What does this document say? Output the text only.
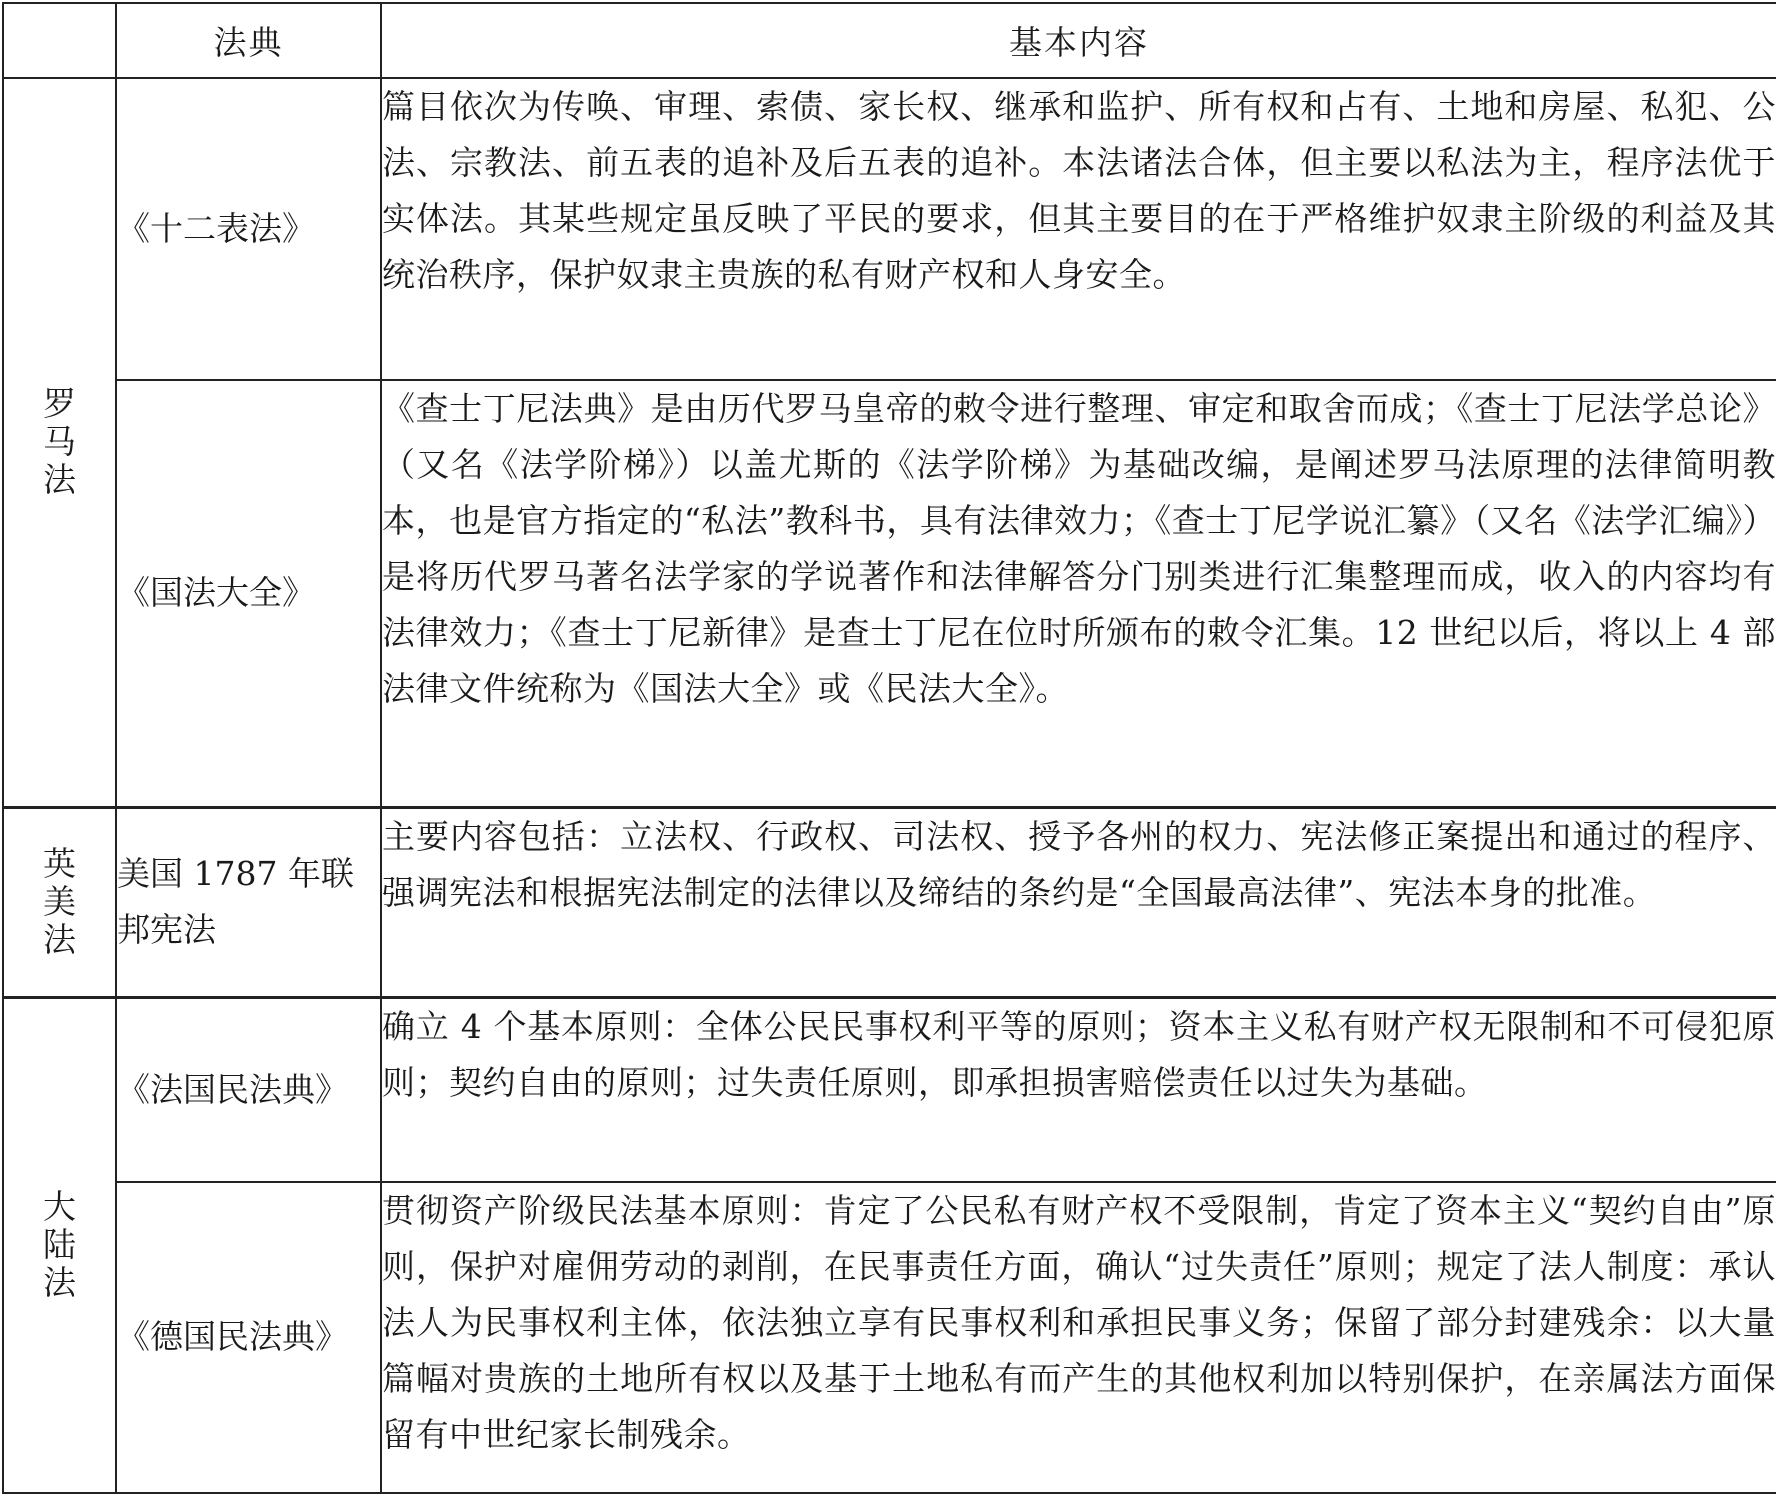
	法典	基本内容
罗马法	《十二表法》	篇目依次为传唤、审理、索债、家长权、继承和监护、所有权和占有、土地和房屋、私犯、公法、宗教法、前五表的追补及后五表的追补。本法诸法合体，但主要以私法为主，程序法优于实体法。其某些规定虽反映了平民的要求，但其主要目的在于严格维护奴隶主阶级的利益及其统治秩序，保护奴隶主贵族的私有财产权和人身安全。
	《国法大全》	《查士丁尼法典》是由历代罗马皇帝的敕令进行整理、审定和取舍而成；《查士丁尼法学总论》（又名《法学阶梯》）以盖尤斯的《法学阶梯》为基础改编，是阐述罗马法原理的法律简明教本，也是官方指定的“私法”教科书，具有法律效力；《查士丁尼学说汇纂》（又名《法学汇编》）是将历代罗马著名法学家的学说著作和法律解答分门别类进行汇集整理而成，收入的内容均有法律效力；《查士丁尼新律》是查士丁尼在位时所颁布的敕令汇集。12 世纪以后，将以上 4 部法律文件统称为《国法大全》或《民法大全》。
英美法	美国 1787 年联邦宪法	主要内容包括：立法权、行政权、司法权、授予各州的权力、宪法修正案提出和通过的程序、强调宪法和根据宪法制定的法律以及缔结的条约是“全国最高法律”、宪法本身的批准。
大陆法	《法国民法典》	确立 4 个基本原则：全体公民民事权利平等的原则；资本主义私有财产权无限制和不可侵犯原则；契约自由的原则；过失责任原则，即承担损害赔偿责任以过失为基础。
	《德国民法典》	贯彻资产阶级民法基本原则：肯定了公民私有财产权不受限制，肯定了资本主义“契约自由”原则，保护对雇佣劳动的剥削，在民事责任方面，确认“过失责任”原则；规定了法人制度：承认法人为民事权利主体，依法独立享有民事权利和承担民事义务；保留了部分封建残余：以大量篇幅对贵族的土地所有权以及基于土地私有而产生的其他权利加以特别保护，在亲属法方面保留有中世纪家长制残余。
